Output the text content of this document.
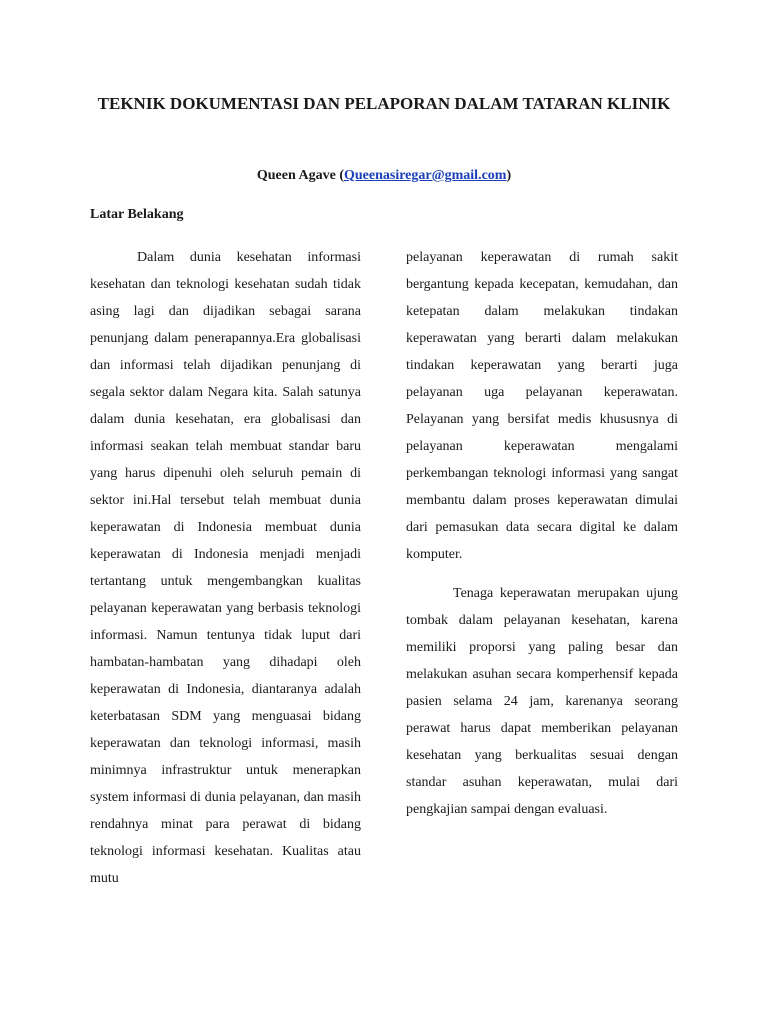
TEKNIK DOKUMENTASI DAN PELAPORAN DALAM TATARAN KLINIK

Queen Agave (Queenasiregar@gmail.com)

Latar Belakang

Dalam dunia kesehatan informasi kesehatan dan teknologi kesehatan sudah tidak asing lagi dan dijadikan sebagai sarana penunjang dalam penerapannya.Era globalisasi dan informasi telah dijadikan penunjang di segala sektor dalam Negara kita. Salah satunya dalam dunia kesehatan, era globalisasi dan informasi seakan telah membuat standar baru yang harus dipenuhi oleh seluruh pemain di sektor ini.Hal tersebut telah membuat dunia keperawatan di Indonesia membuat dunia keperawatan di Indonesia menjadi menjadi tertantang untuk mengembangkan kualitas pelayanan keperawatan yang berbasis teknologi informasi. Namun tentunya tidak luput dari hambatan-hambatan yang dihadapi oleh keperawatan di Indonesia, diantaranya adalah keterbatasan SDM yang menguasai bidang keperawatan dan teknologi informasi, masih minimnya infrastruktur untuk menerapkan system informasi di dunia pelayanan, dan masih rendahnya minat para perawat di bidang teknologi informasi kesehatan. Kualitas atau mutu

pelayanan keperawatan di rumah sakit bergantung kepada kecepatan, kemudahan, dan ketepatan dalam melakukan tindakan keperawatan yang berarti dalam melakukan tindakan keperawatan yang berarti juga pelayanan uga pelayanan keperawatan. Pelayanan yang bersifat medis khususnya di pelayanan keperawatan mengalami perkembangan teknologi informasi yang sangat membantu dalam proses keperawatan dimulai dari pemasukan data secara digital ke dalam komputer.

Tenaga keperawatan merupakan ujung tombak dalam pelayanan kesehatan, karena memiliki proporsi yang paling besar dan melakukan asuhan secara komperhensif kepada pasien selama 24 jam, karenanya seorang perawat harus dapat memberikan pelayanan kesehatan yang berkualitas sesuai dengan standar asuhan keperawatan, mulai dari pengkajian sampai dengan evaluasi.
